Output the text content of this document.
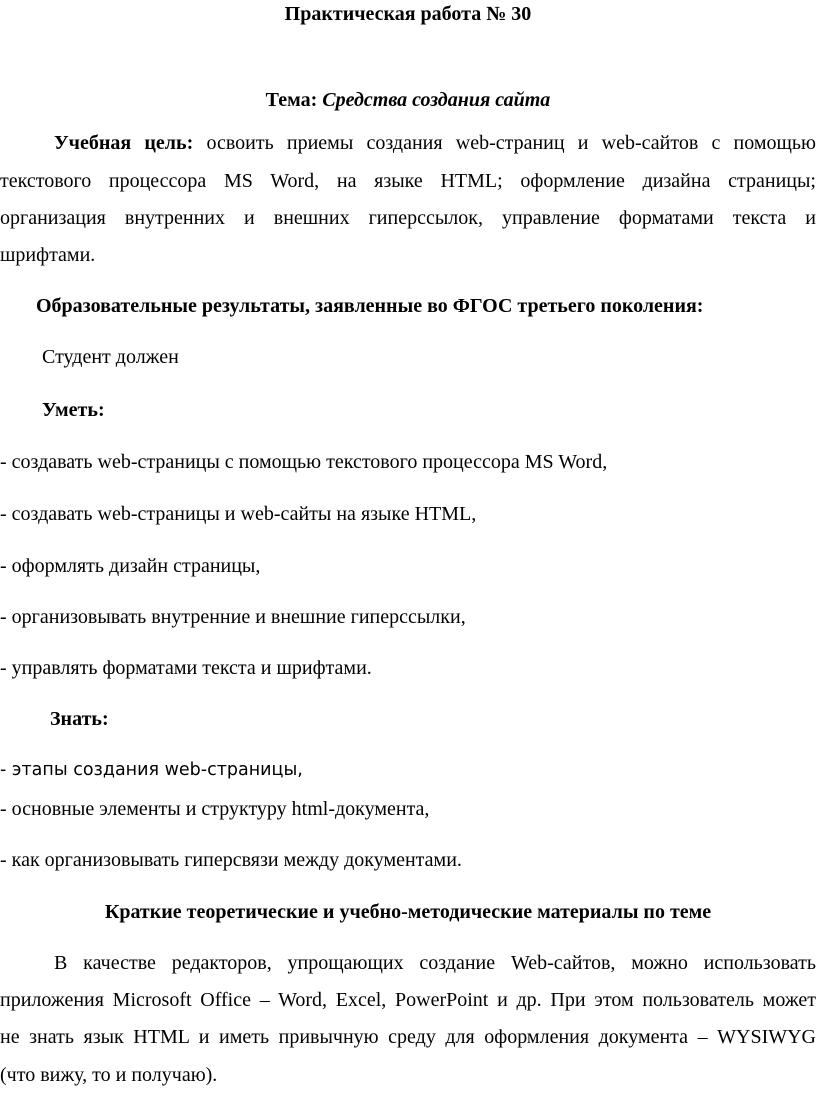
Практическая работа № 30
Тема: Средства создания сайта
Учебная цель: освоить приемы создания web-страниц и web-сайтов с помощью
текстового процессора MS Word, на языке HTML; оформление дизайна страницы;
организация внутренних и внешних гиперссылок, управление форматами текста и
шрифтами.
Образовательные результаты, заявленные во ФГОС третьего поколения:
Студент должен
Уметь:
- создавать web-страницы с помощью текстового процессора MS Word,
- создавать web-страницы и web-сайты на языке HTML,
- оформлять дизайн страницы,
- организовывать внутренние и внешние гиперссылки,
- управлять форматами текста и шрифтами.
Знать:
- этапы создания web-страницы,
- основные элементы и структуру html-документа,
- как организовывать гиперсвязи между документами.
Краткие теоретические и учебно-методические материалы по теме
В качестве редакторов, упрощающих создание Web-сайтов, можно использовать
приложения Microsoft Office – Word, Excel, PowerPoint и др. При этом пользователь может
не знать язык HTML и иметь привычную среду для оформления документа – WYSIWYG
(что вижу, то и получаю).
